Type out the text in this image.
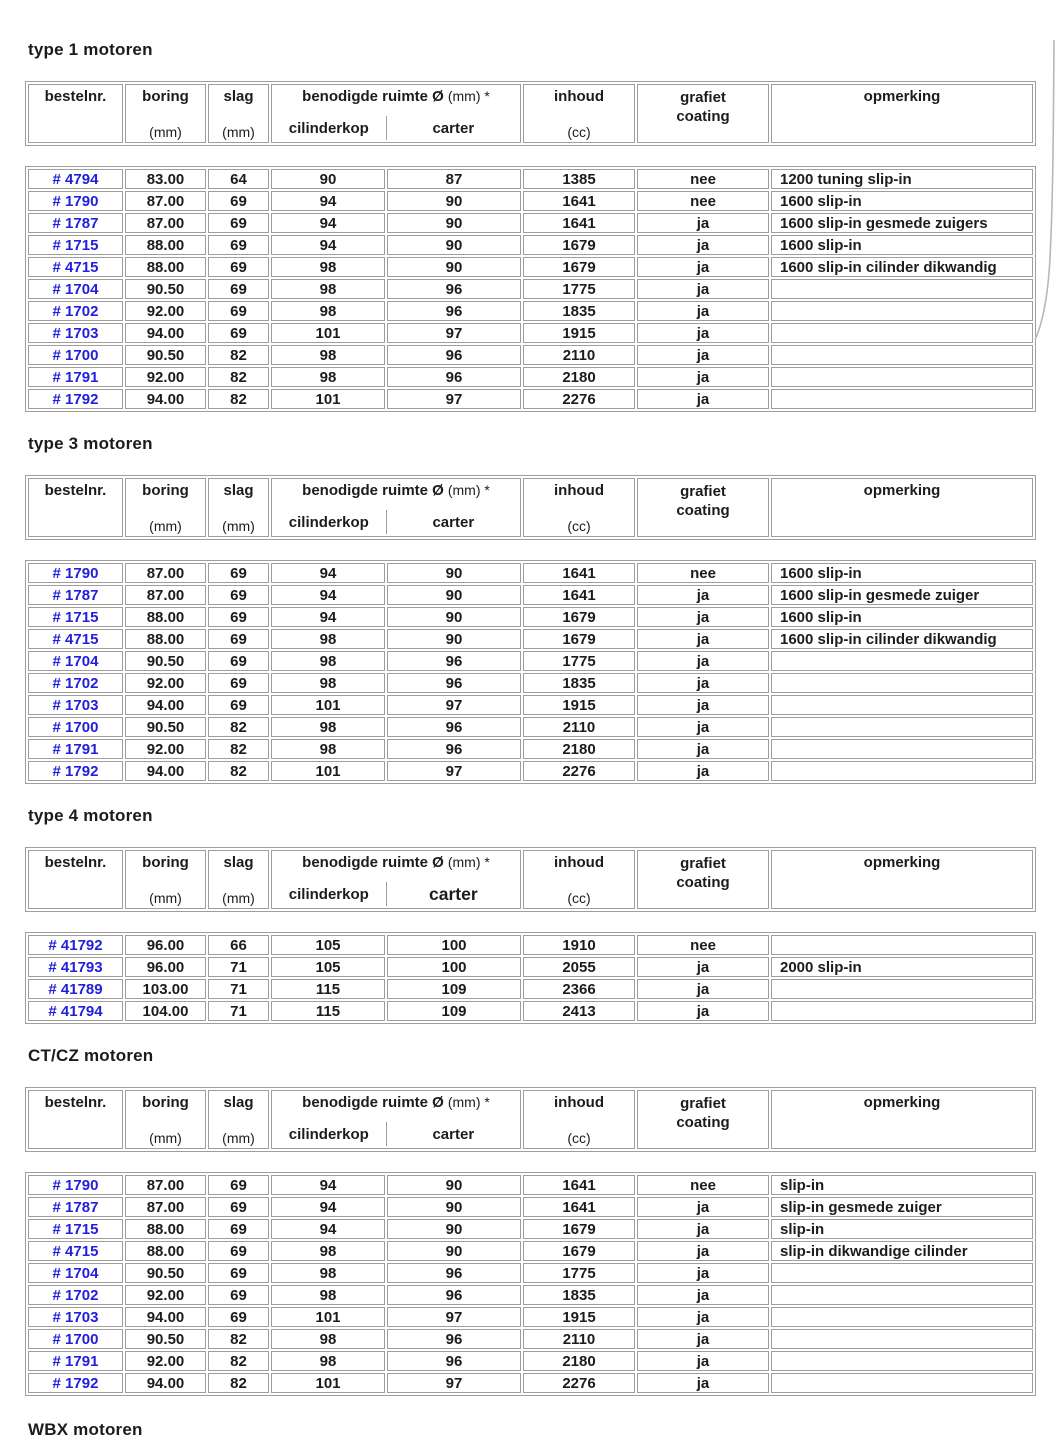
type 1 motoren
bestelnr.	boring
(mm)

slag
(mm)

benodigde ruimte Ø (mm) *
cilinderkop	carter

inhoud
(cc)

grafiet
coating

opmerking
# 4794	83.00	64	90	87	1385	nee	1200 tuning slip-in
# 1790	87.00	69	94	90	1641	nee	1600 slip-in
# 1787	87.00	69	94	90	1641	ja	1600 slip-in gesmede zuigers
# 1715	88.00	69	94	90	1679	ja	1600 slip-in
# 4715	88.00	69	98	90	1679	ja	1600 slip-in cilinder dikwandig
# 1704	90.50	69	98	96	1775	ja	
# 1702	92.00	69	98	96	1835	ja	
# 1703	94.00	69	101	97	1915	ja	
# 1700	90.50	82	98	96	2110	ja	
# 1791	92.00	82	98	96	2180	ja	
# 1792	94.00	82	101	97	2276	ja	
type 3 motoren
bestelnr.	boring
(mm)

slag
(mm)

benodigde ruimte Ø (mm) *
cilinderkop	carter

inhoud
(cc)

grafiet
coating

opmerking
# 1790	87.00	69	94	90	1641	nee	1600 slip-in
# 1787	87.00	69	94	90	1641	ja	1600 slip-in gesmede zuiger
# 1715	88.00	69	94	90	1679	ja	1600 slip-in
# 4715	88.00	69	98	90	1679	ja	1600 slip-in cilinder dikwandig
# 1704	90.50	69	98	96	1775	ja	
# 1702	92.00	69	98	96	1835	ja	
# 1703	94.00	69	101	97	1915	ja	
# 1700	90.50	82	98	96	2110	ja	
# 1791	92.00	82	98	96	2180	ja	
# 1792	94.00	82	101	97	2276	ja	
type 4 motoren
bestelnr.	boring
(mm)

slag
(mm)

benodigde ruimte Ø (mm) *
cilinderkop	carter

inhoud
(cc)

grafiet
coating

opmerking
# 41792	96.00	66	105	100	1910	nee	
# 41793	96.00	71	105	100	2055	ja	2000 slip-in
# 41789	103.00	71	115	109	2366	ja	
# 41794	104.00	71	115	109	2413	ja	
CT/CZ motoren
bestelnr.	boring
(mm)

slag
(mm)

benodigde ruimte Ø (mm) *
cilinderkop	carter

inhoud
(cc)

grafiet
coating

opmerking
# 1790	87.00	69	94	90	1641	nee	slip-in
# 1787	87.00	69	94	90	1641	ja	slip-in gesmede zuiger
# 1715	88.00	69	94	90	1679	ja	slip-in
# 4715	88.00	69	98	90	1679	ja	slip-in dikwandige cilinder
# 1704	90.50	69	98	96	1775	ja	
# 1702	92.00	69	98	96	1835	ja	
# 1703	94.00	69	101	97	1915	ja	
# 1700	90.50	82	98	96	2110	ja	
# 1791	92.00	82	98	96	2180	ja	
# 1792	94.00	82	101	97	2276	ja	
WBX motoren
